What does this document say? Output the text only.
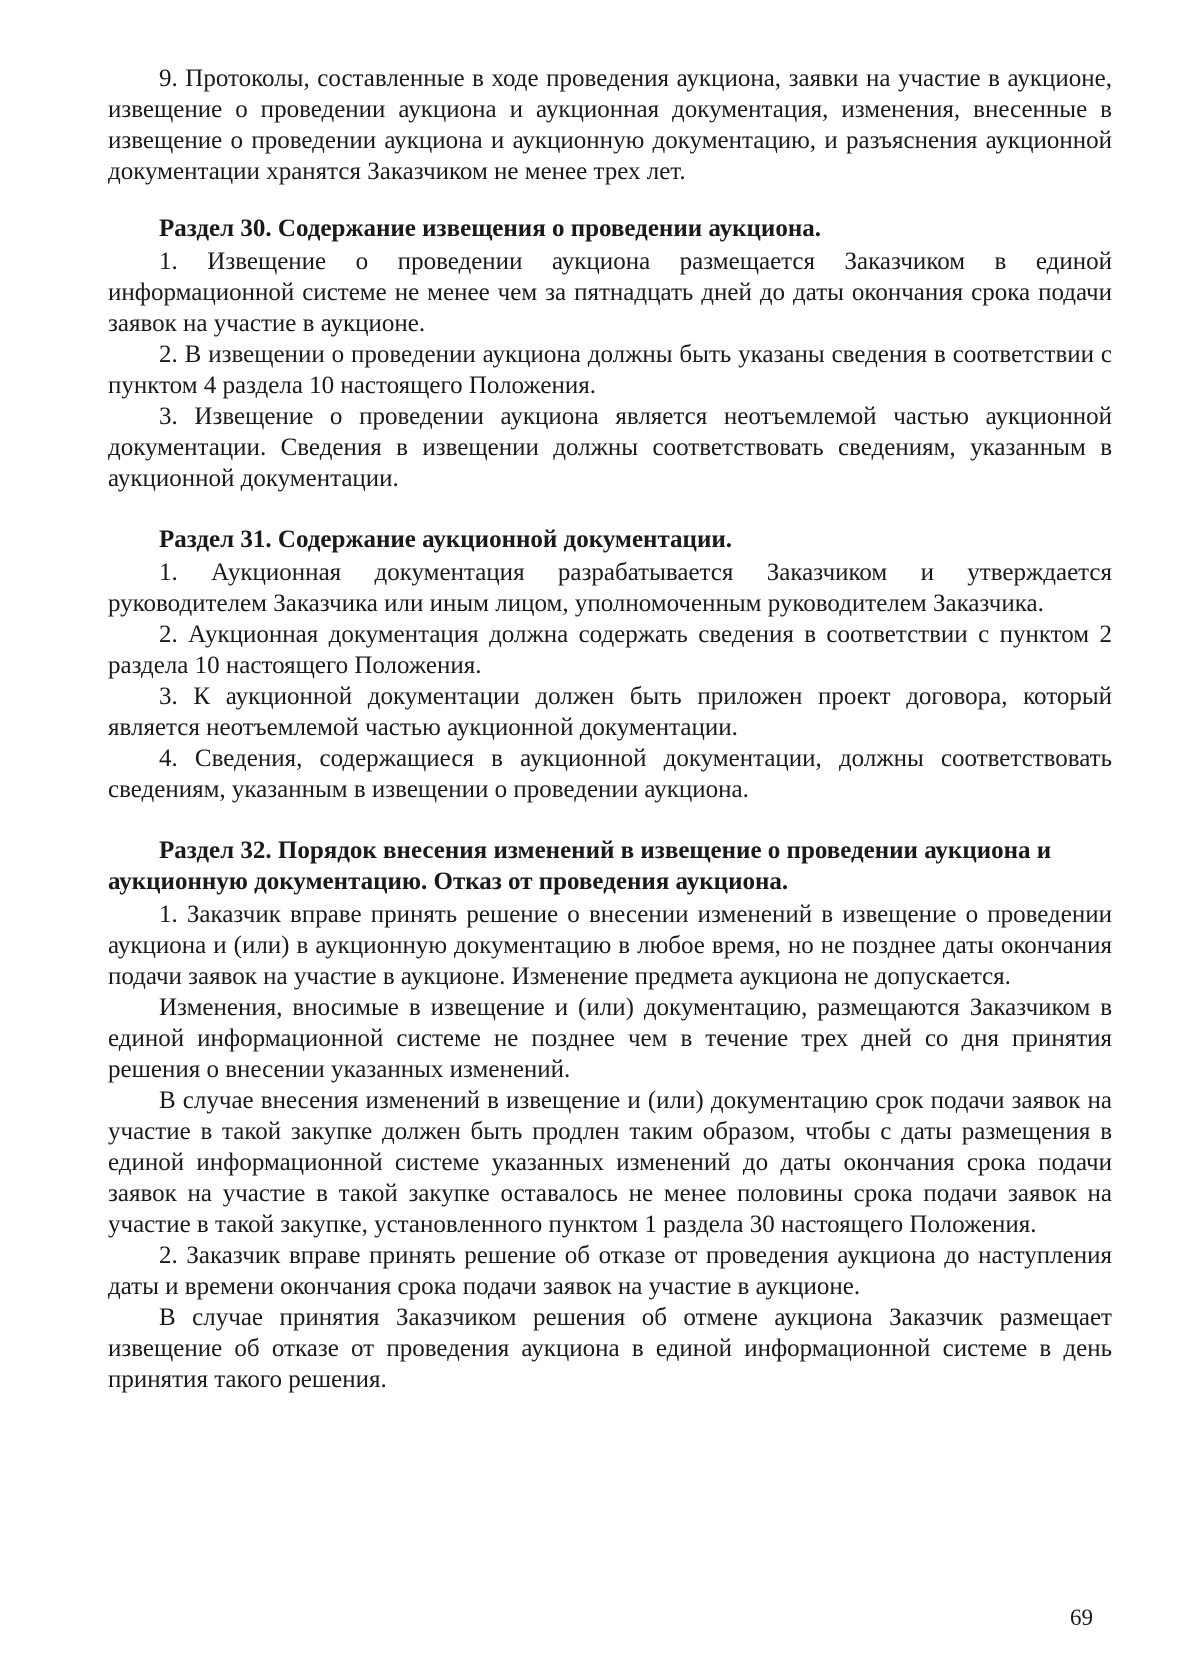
9. Протоколы, составленные в ходе проведения аукциона, заявки на участие в аукционе, извещение о проведении аукциона и аукционная документация, изменения, внесенные в извещение о проведении аукциона и аукционную документацию, и разъяснения аукционной документации хранятся Заказчиком не менее трех лет.

Раздел 30. Содержание извещения о проведении аукциона.

1. Извещение о проведении аукциона размещается Заказчиком в единой информационной системе не менее чем за пятнадцать дней до даты окончания срока подачи заявок на участие в аукционе.

2. В извещении о проведении аукциона должны быть указаны сведения в соответствии с пунктом 4 раздела 10 настоящего Положения.

3. Извещение о проведении аукциона является неотъемлемой частью аукционной документации. Сведения в извещении должны соответствовать сведениям, указанным в аукционной документации.

Раздел 31. Содержание аукционной документации.

1. Аукционная документация разрабатывается Заказчиком и утверждается руководителем Заказчика или иным лицом, уполномоченным руководителем Заказчика.

2. Аукционная документация должна содержать сведения в соответствии с пунктом 2 раздела 10 настоящего Положения.

3. К аукционной документации должен быть приложен проект договора, который является неотъемлемой частью аукционной документации.

4. Сведения, содержащиеся в аукционной документации, должны соответствовать сведениям, указанным в извещении о проведении аукциона.

Раздел 32. Порядок внесения изменений в извещение о проведении аукциона и аукционную документацию. Отказ от проведения аукциона.

1. Заказчик вправе принять решение о внесении изменений в извещение о проведении аукциона и (или) в аукционную документацию в любое время, но не позднее даты окончания подачи заявок на участие в аукционе. Изменение предмета аукциона не допускается.

Изменения, вносимые в извещение и (или) документацию, размещаются Заказчиком в единой информационной системе не позднее чем в течение трех дней со дня принятия решения о внесении указанных изменений.

В случае внесения изменений в извещение и (или) документацию срок подачи заявок на участие в такой закупке должен быть продлен таким образом, чтобы с даты размещения в единой информационной системе указанных изменений до даты окончания срока подачи заявок на участие в такой закупке оставалось не менее половины срока подачи заявок на участие в такой закупке, установленного пунктом 1 раздела 30 настоящего Положения.

2. Заказчик вправе принять решение об отказе от проведения аукциона до наступления даты и времени окончания срока подачи заявок на участие в аукционе.

В случае принятия Заказчиком решения об отмене аукциона Заказчик размещает извещение об отказе от проведения аукциона в единой информационной системе в день принятия такого решения.

69
